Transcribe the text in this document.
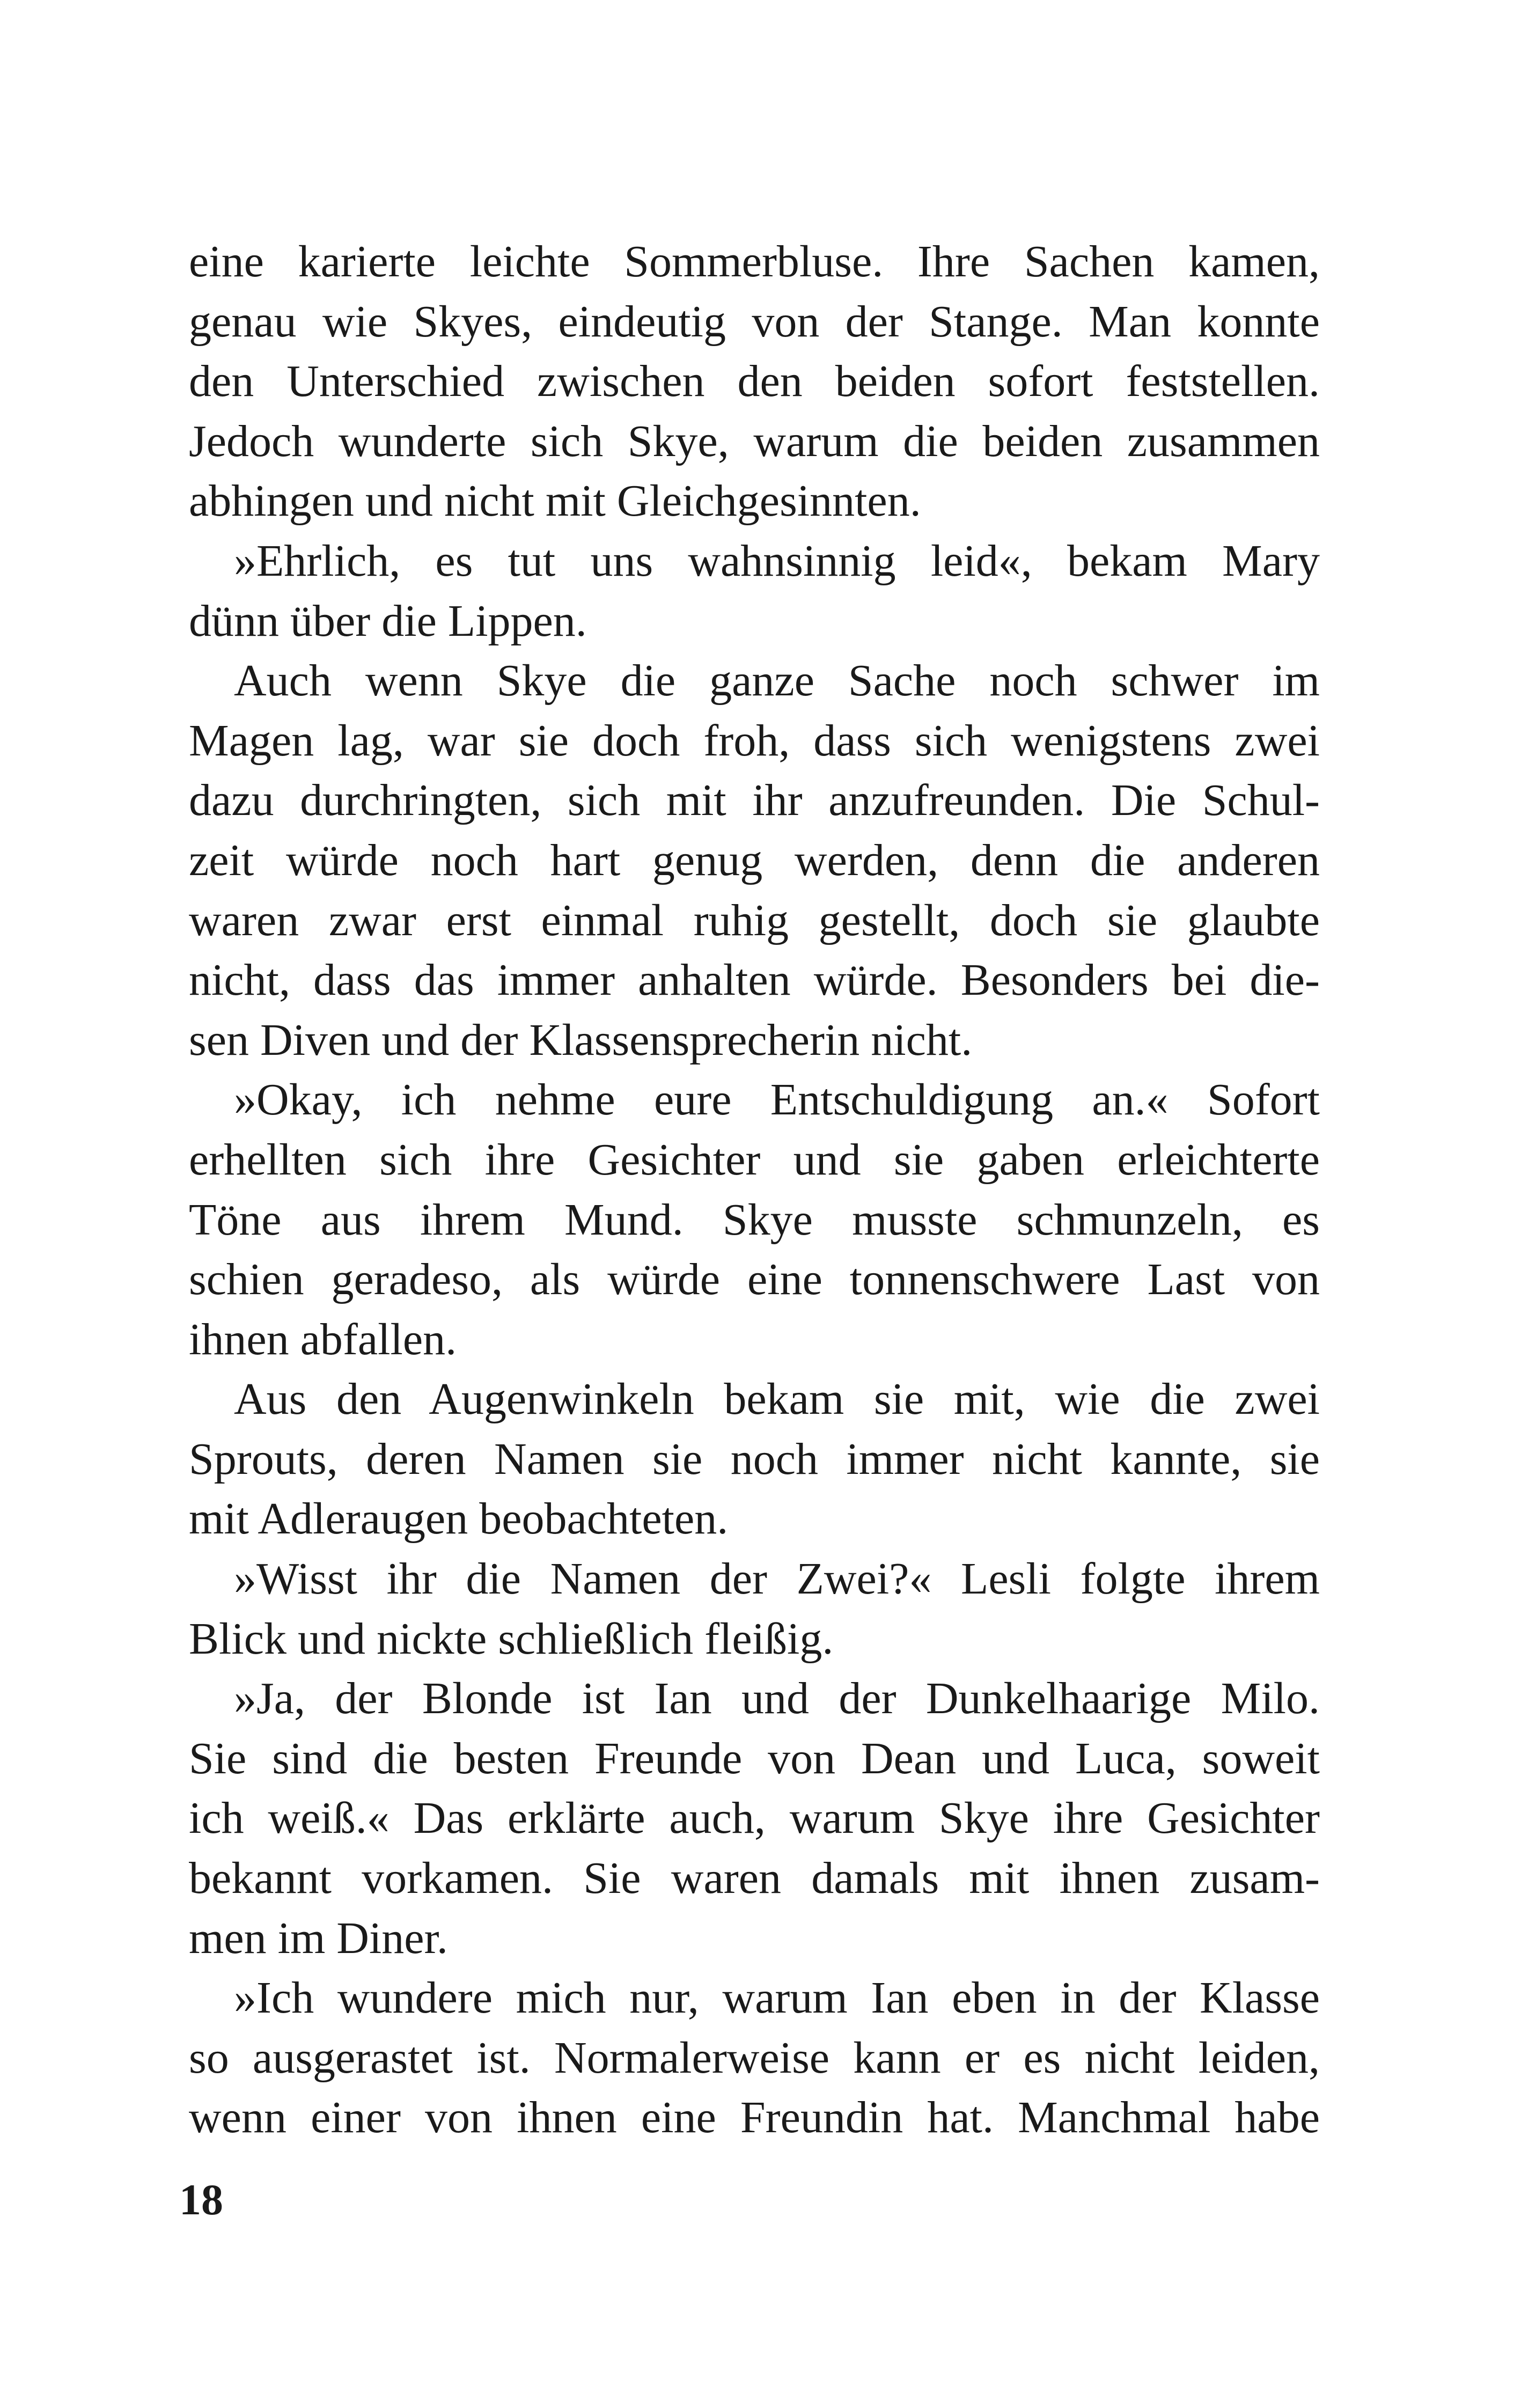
eine karierte leichte Sommerbluse. Ihre Sachen kamen,
genau wie Skyes, eindeutig von der Stange. Man konnte
den Unterschied zwischen den beiden sofort feststellen.
Jedoch wunderte sich Skye, warum die beiden zusammen
abhingen und nicht mit Gleichgesinnten.
»Ehrlich, es tut uns wahnsinnig leid«, bekam Mary
dünn über die Lippen.
Auch wenn Skye die ganze Sache noch schwer im
Magen lag, war sie doch froh, dass sich wenigstens zwei
dazu durchringten, sich mit ihr anzufreunden. Die Schul-
zeit würde noch hart genug werden, denn die anderen
waren zwar erst einmal ruhig gestellt, doch sie glaubte
nicht, dass das immer anhalten würde. Besonders bei die-
sen Diven und der Klassensprecherin nicht.
»Okay, ich nehme eure Entschuldigung an.« Sofort
erhellten sich ihre Gesichter und sie gaben erleichterte
Töne aus ihrem Mund. Skye musste schmunzeln, es
schien geradeso, als würde eine tonnenschwere Last von
ihnen abfallen.
Aus den Augenwinkeln bekam sie mit, wie die zwei
Sprouts, deren Namen sie noch immer nicht kannte, sie
mit Adleraugen beobachteten.
»Wisst ihr die Namen der Zwei?« Lesli folgte ihrem
Blick und nickte schließlich fleißig.
»Ja, der Blonde ist Ian und der Dunkelhaarige Milo.
Sie sind die besten Freunde von Dean und Luca, soweit
ich weiß.« Das erklärte auch, warum Skye ihre Gesichter
bekannt vorkamen. Sie waren damals mit ihnen zusam-
men im Diner.
»Ich wundere mich nur, warum Ian eben in der Klasse
so ausgerastet ist. Normalerweise kann er es nicht leiden,
wenn einer von ihnen eine Freundin hat. Manchmal habe
18
